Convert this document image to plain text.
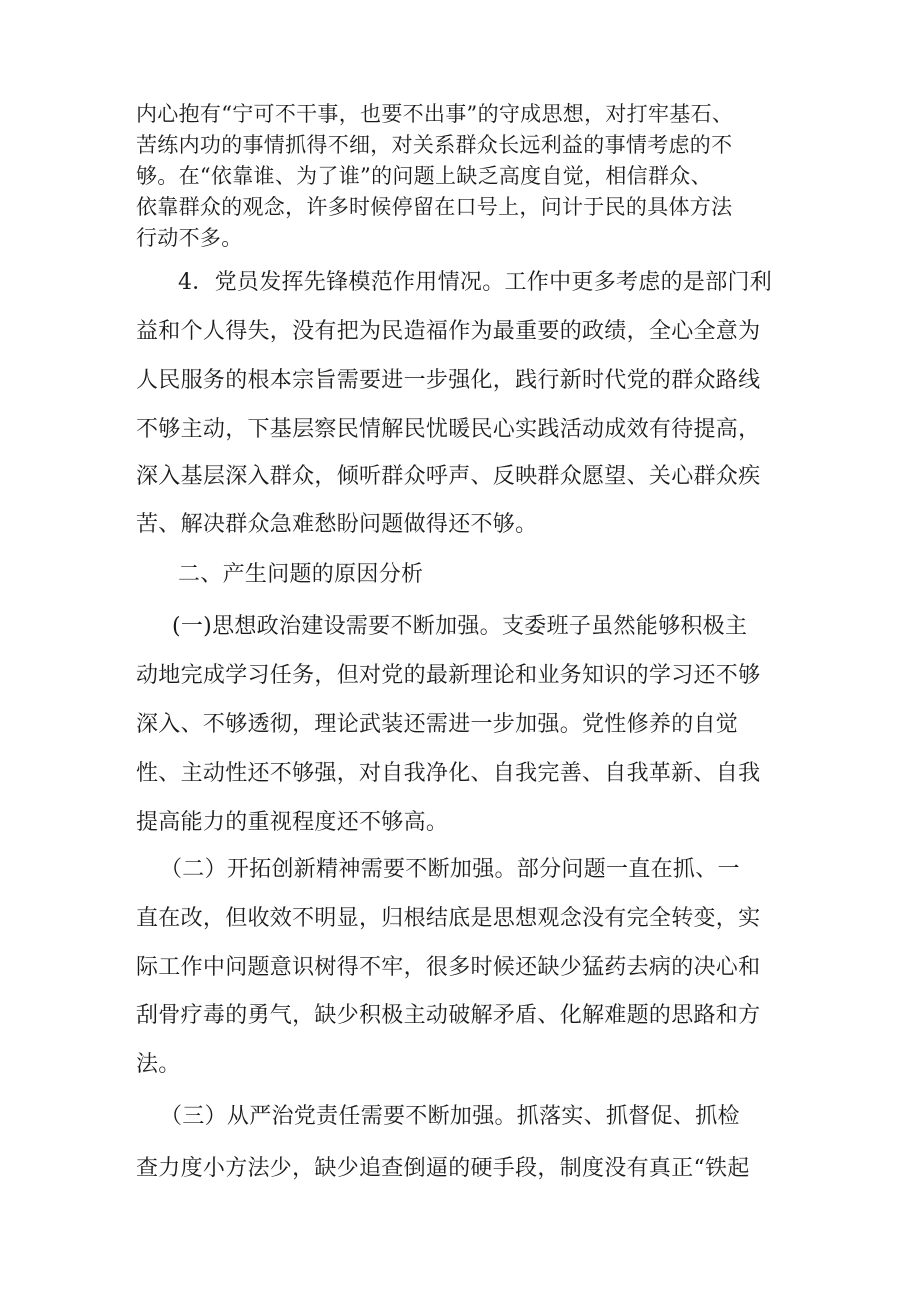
内心抱有“宁可不干事，也要不出事”的守成思想，对打牢基石、
苦练内功的事情抓得不细，对关系群众长远利益的事情考虑的不
够。在“依靠谁、为了谁”的问题上缺乏高度自觉，相信群众、
依靠群众的观念，许多时候停留在口号上，问计于民的具体方法
行动不多。
4．党员发挥先锋模范作用情况。工作中更多考虑的是部门利
益和个人得失，没有把为民造福作为最重要的政绩，全心全意为
人民服务的根本宗旨需要进一步强化，践行新时代党的群众路线
不够主动，下基层察民情解民忧暖民心实践活动成效有待提高，
深入基层深入群众，倾听群众呼声、反映群众愿望、关心群众疾
苦、解决群众急难愁盼问题做得还不够。
二、产生问题的原因分析
(一)思想政治建设需要不断加强。支委班子虽然能够积极主
动地完成学习任务，但对党的最新理论和业务知识的学习还不够
深入、不够透彻，理论武装还需进一步加强。党性修养的自觉
性、主动性还不够强，对自我净化、自我完善、自我革新、自我
提高能力的重视程度还不够高。
（二）开拓创新精神需要不断加强。部分问题一直在抓、一
直在改，但收效不明显，归根结底是思想观念没有完全转变，实
际工作中问题意识树得不牢，很多时候还缺少猛药去病的决心和
刮骨疗毒的勇气，缺少积极主动破解矛盾、化解难题的思路和方
法。
（三）从严治党责任需要不断加强。抓落实、抓督促、抓检
查力度小方法少，缺少追查倒逼的硬手段，制度没有真正“铁起
